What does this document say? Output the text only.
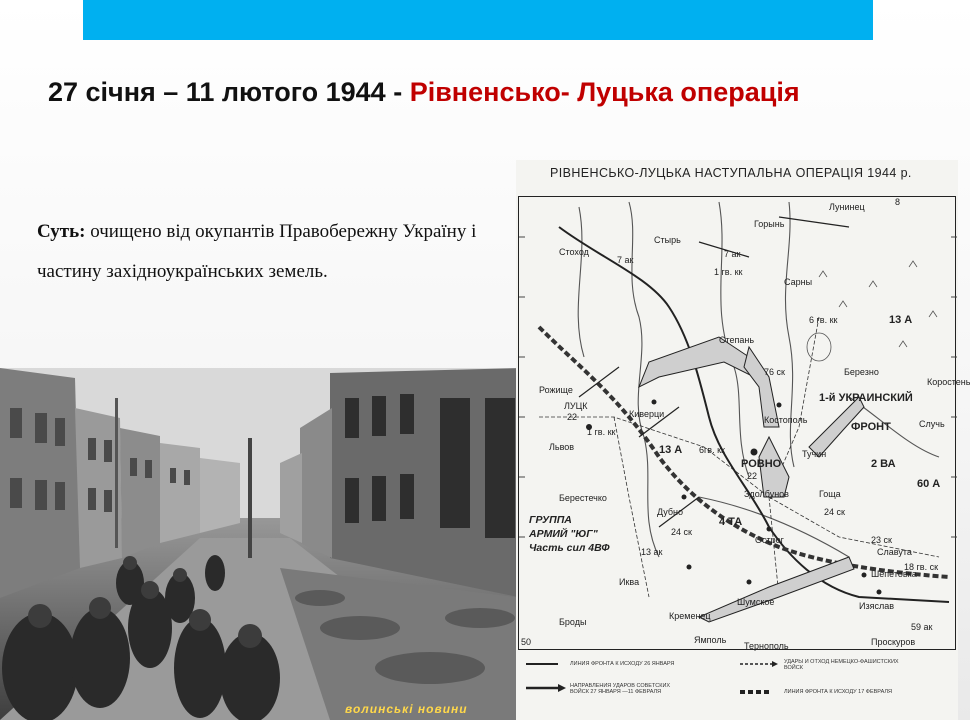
27 січня – 11 лютого 1944 - Рівненсько- Луцька операція
Суть: очищено від окупантів Правобережну Україну і частину західноукраїнських земель.
волинські новини
РІВНЕНСЬКО-ЛУЦЬКА НАСТУПАЛЬНА ОПЕРАЦІЯ 1944 р.
ЛУЦК
РОВНО
Киверци
Костополь
Степань
Сарны
Березно
Тучин
Гоща
Здолбунов
Дубно
Острог
Шумское
Кременец
Броды
Берестечко
Шепетовка
Славута
Изяслав
Ямполь
Тернополь	Проскуров
Рожище
Стоход
Стырь
Горынь
Случь
Иква
Коростень
Львов
Лунинец
1-й УКРАИНСКИЙ
ФРОНТ
ГРУППА
АРМИЙ "ЮГ"
Часть сил 4ВФ
13 А
13 А
13 ак
4 ТА
2 ВА
60 А
7 ак
7 ак
1 гв. кк
1 гв. кк
6 гв. кк
6гв. кк
76 ск
24 ск
24 ск
23 ск
18 гв. ск
59 ак
22
22
8
50
ЛИНИЯ ФРОНТА К ИСХОДУ 26 ЯНВАРЯ
НАПРАВЛЕНИЯ УДАРОВ СОВЕТСКИХ ВОЙСК 27 ЯНВАРЯ —11 ФЕВРАЛЯ
УДАРЫ И ОТХОД НЕМЕЦКО-ФАШИСТСКИХ ВОЙСК
ЛИНИЯ ФРОНТА К ИСХОДУ 17 ФЕВРАЛЯ
